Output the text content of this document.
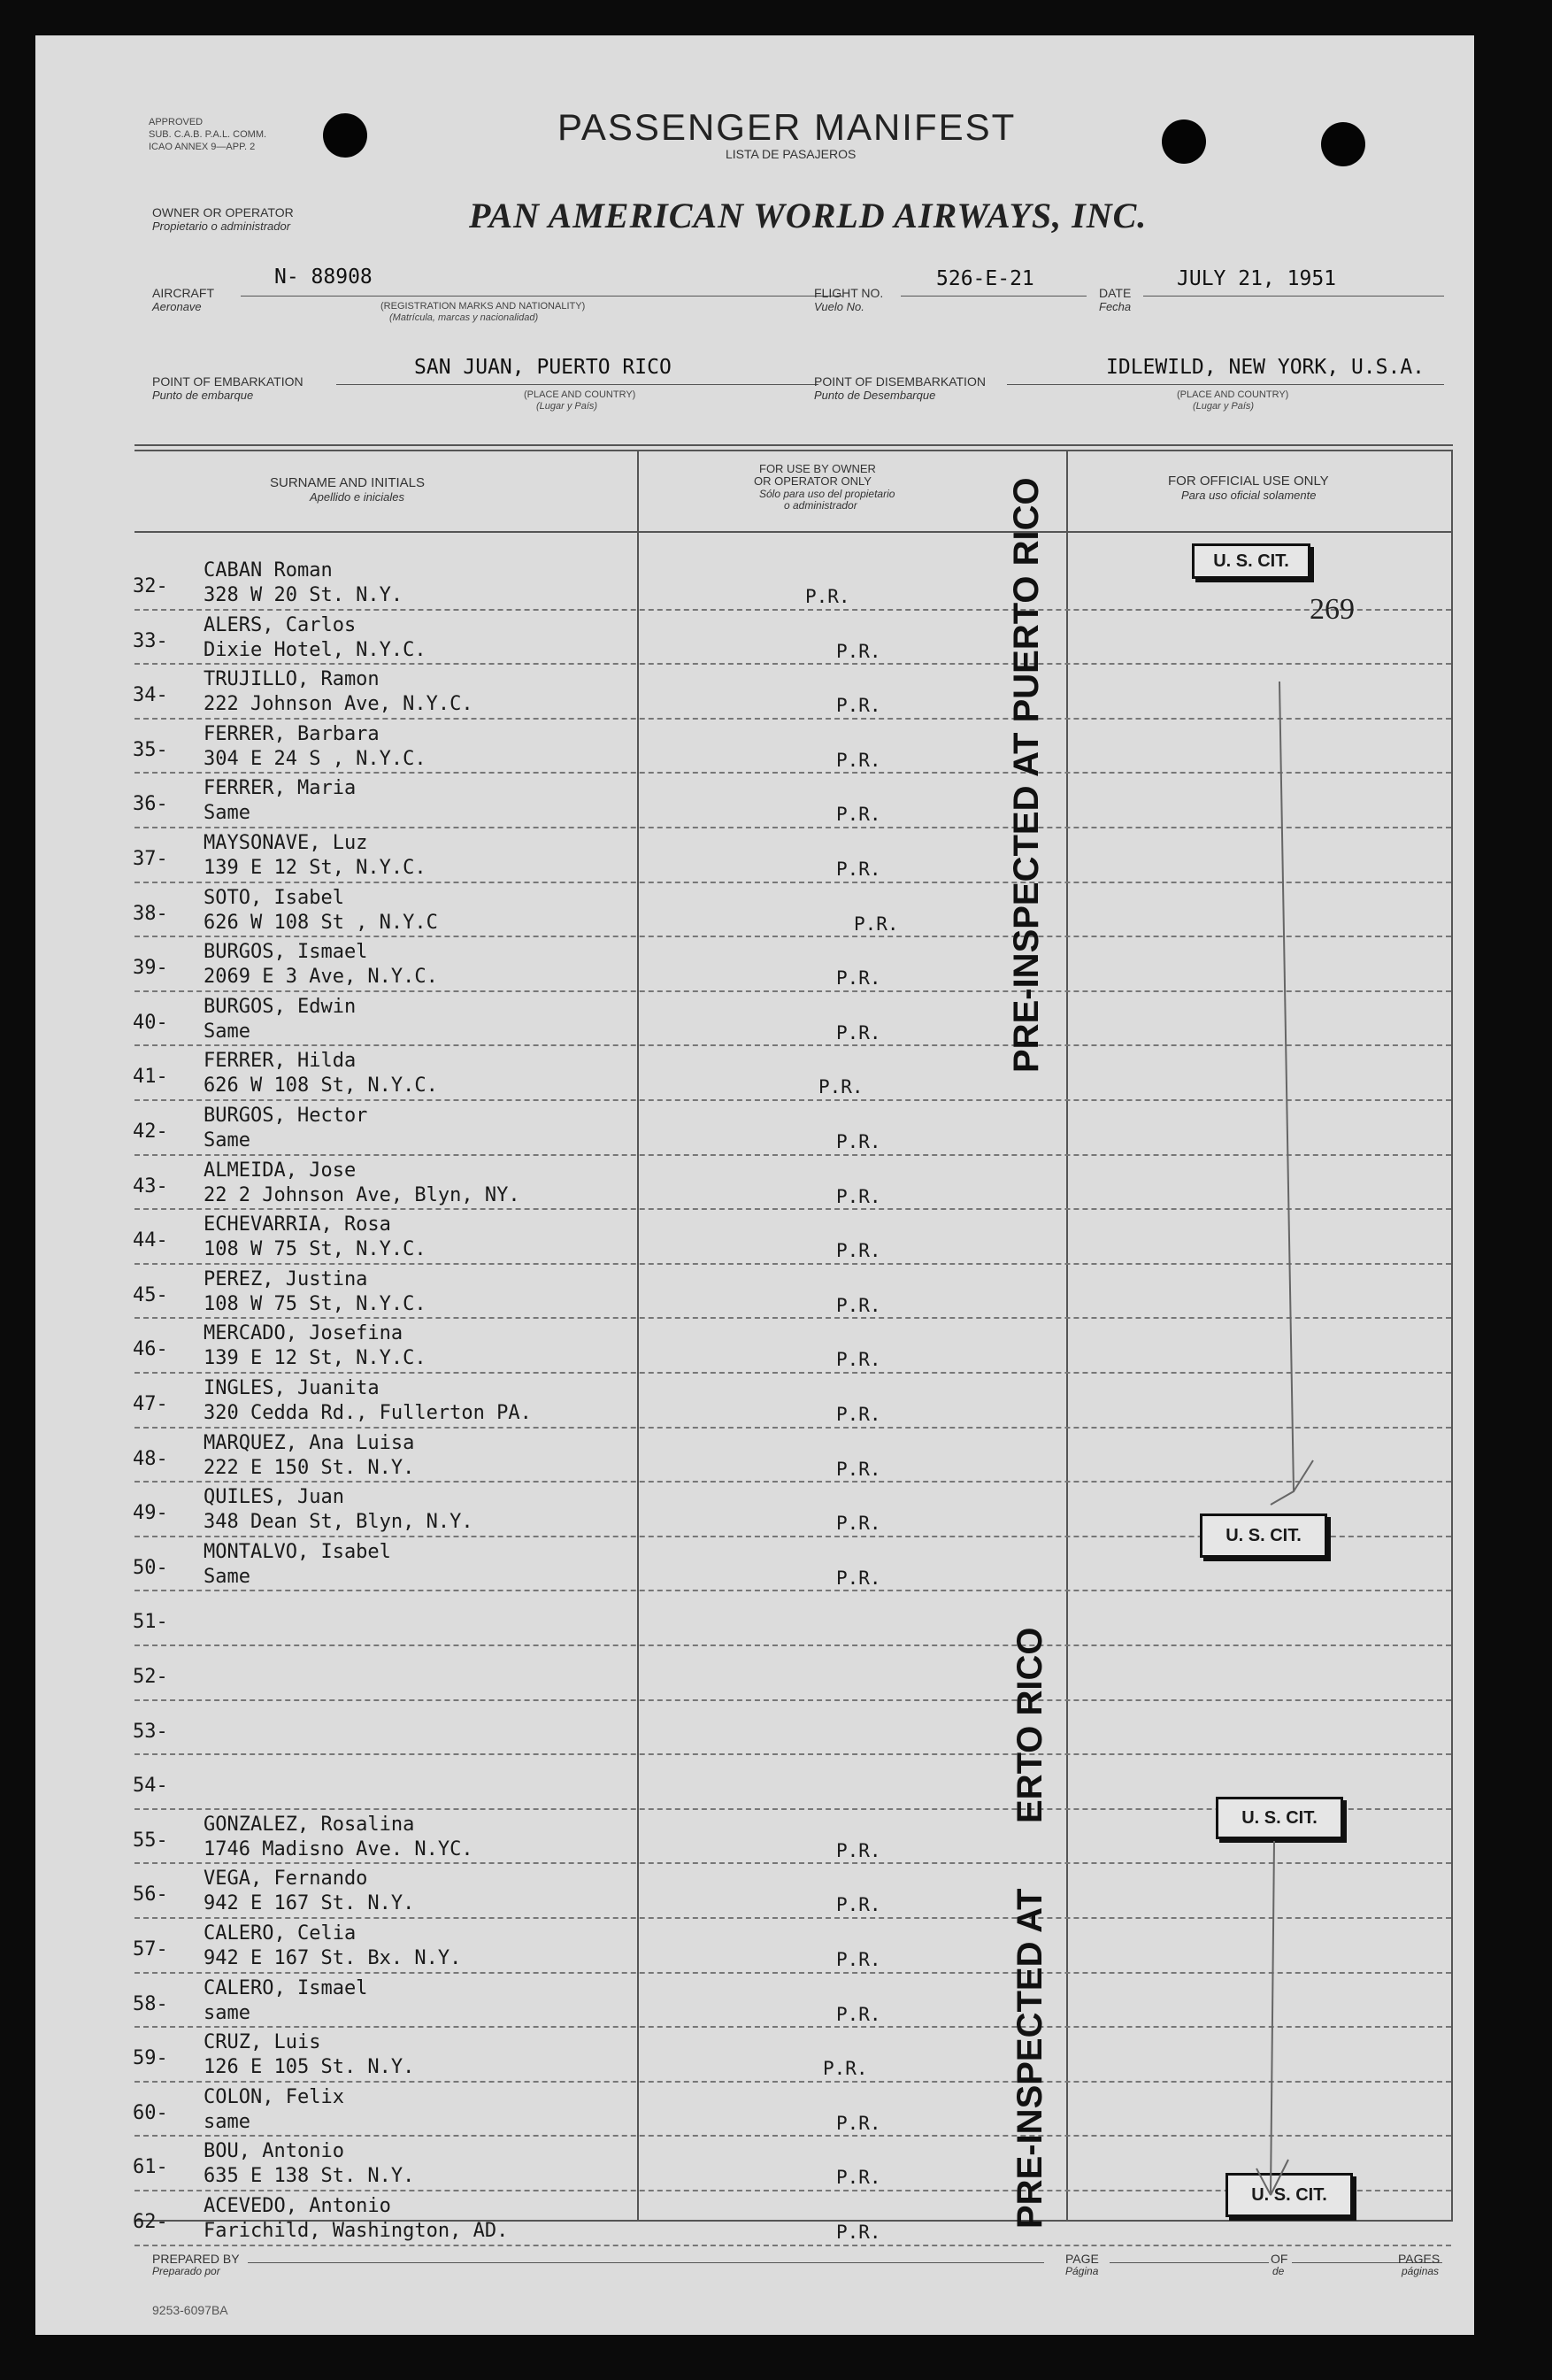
APPROVED
SUB. C.A.B. P.A.L. COMM.
ICAO ANNEX 9—APP. 2	PASSENGER MANIFEST
LISTA DE PASAJEROS
OWNER OR OPERATOR
Propietario o administrador	PAN AMERICAN WORLD AIRWAYS, INC.
AIRCRAFT
Aeronave
N- 88908
(REGISTRATION MARKS AND NATIONALITY)
(Matrícula, marcas y nacionalidad)
FLIGHT NO.
Vuelo No.
526-E-21
DATE
Fecha
JULY 21, 1951
POINT OF EMBARKATION
Punto de embarque
SAN JUAN, PUERTO RICO
(PLACE AND COUNTRY)
(Lugar y País)
POINT OF DISEMBARKATION
Punto de Desembarque
IDLEWILD, NEW YORK, U.S.A.
(PLACE AND COUNTRY)
(Lugar y País)
SURNAME AND INITIALS
Apellido e iniciales
FOR USE BY OWNER
OR OPERATOR ONLY
Sólo para uso del propietario
o administrador
FOR OFFICIAL USE ONLY
Para uso oficial solamente
32-
CABAN Roman
328 W 20 St. N.Y.	P.R.
33-
ALERS, Carlos
Dixie Hotel, N.Y.C.	P.R.
34-
TRUJILLO, Ramon
222 Johnson Ave, N.Y.C.	P.R.
35-
FERRER, Barbara
304 E 24 S , N.Y.C.	P.R.
36-
FERRER, Maria
Same	P.R.
37-
MAYSONAVE, Luz
139 E 12 St, N.Y.C.	P.R.
38-
SOTO, Isabel
626 W 108 St , N.Y.C	P.R.
39-
BURGOS, Ismael
2069 E 3 Ave, N.Y.C.	P.R.
40-
BURGOS, Edwin
Same	P.R.
41-
FERRER, Hilda
626 W 108 St, N.Y.C.	P.R.
42-
BURGOS, Hector
Same	P.R.
43-
ALMEIDA, Jose
22 2 Johnson Ave, Blyn, NY.	P.R.
44-
ECHEVARRIA, Rosa
108 W 75 St, N.Y.C.	P.R.
45-
PEREZ, Justina
108 W 75 St, N.Y.C.	P.R.
46-
MERCADO, Josefina
139 E 12 St, N.Y.C.	P.R.
47-
INGLES, Juanita
320 Cedda Rd., Fullerton PA.	P.R.
48-
MARQUEZ, Ana Luisa
222 E 150 St. N.Y.	P.R.
49-
QUILES, Juan
348 Dean St, Blyn, N.Y.	P.R.
50-
MONTALVO, Isabel
Same	P.R.
51-
52-
53-
54-
55-
GONZALEZ, Rosalina
1746 Madisno Ave. N.YC.	P.R.
56-
VEGA, Fernando
942 E 167 St. N.Y.	P.R.
57-
CALERO, Celia
942 E 167 St. Bx. N.Y.	P.R.
58-
CALERO, Ismael
same	P.R.
59-
CRUZ, Luis
126 E 105 St. N.Y.	P.R.
60-
COLON, Felix
same	P.R.
61-
BOU, Antonio
635 E 138 St. N.Y.	P.R.
62-
ACEVEDO, Antonio
Farichild, Washington, AD.	P.R.
PRE-INSPECTED AT PUERTO RICO
ERTO RICO
PRE-INSPECTED AT
U. S. CIT.
U. S. CIT.
U. S. CIT.
U. S. CIT.
269
PREPARED BY
Preparado por
PAGE
Página
OF
de
PAGES
páginas
9253-6097BA
